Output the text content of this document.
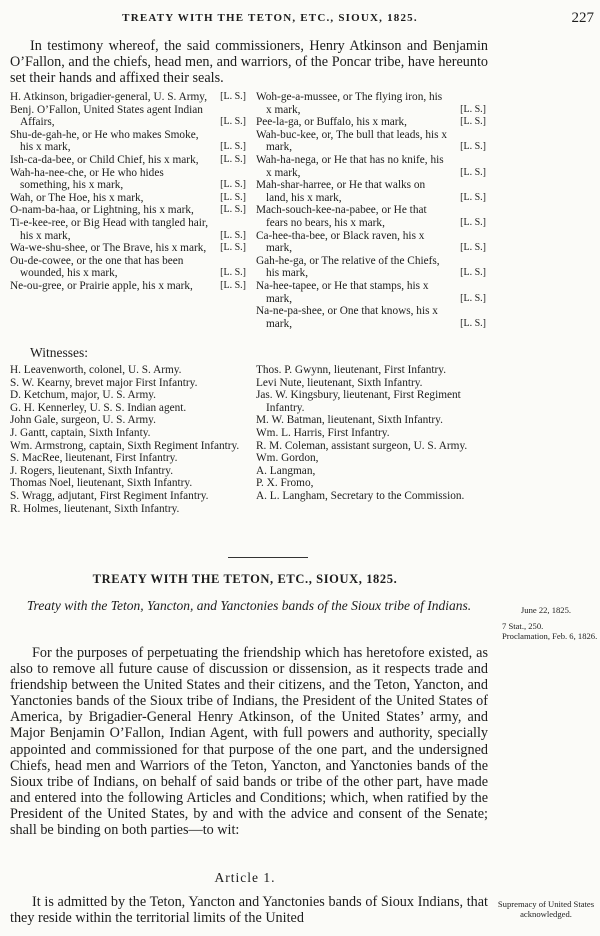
TREATY WITH THE TETON, ETC., SIOUX, 1825.	227

In testimony whereof, the said commissioners, Henry Atkinson and Benjamin O’Fallon, and the chiefs, head men, and warriors, of the Poncar tribe, have hereunto set their hands and affixed their seals.

H. Atkinson, brigadier-general, U. S. Army, [L. S.]
Benj. O’Fallon, United States agent Indian Affairs,	[L. S.]
Shu-de-gah-he, or He who makes Smoke, his x mark,	[L. S.]
Ish-ca-da-bee, or Child Chief, his x mark, [L. S.]
Wah-ha-nee-che, or He who hides something, his x mark,	[L. S.]
Wah, or The Hoe, his x mark,	[L. S.]
O-nam-ba-haa, or Lightning, his x mark,	[L. S.]
Ti-e-kee-ree, or Big Head with tangled hair, his x mark,	[L. S.]
Wa-we-shu-shee, or The Brave, his x mark, [L. S.]
Ou-de-cowee, or the one that has been wounded, his x mark,	[L. S.]
Ne-ou-gree, or Prairie apple, his x mark,	[L. S.]
Woh-ge-a-mussee, or The flying iron, his x mark,	[L. S.]
Pee-la-ga, or Buffalo, his x mark,	[L. S.]
Wah-buc-kee, or, The bull that leads, his x mark,	[L. S.]
Wah-ha-nega, or He that has no knife, his x mark,	[L. S.]
Mah-shar-harree, or He that walks on land, his x mark,	[L. S.]
Mach-souch-kee-na-pabee, or He that fears no bears, his x mark,	[L. S.]
Ca-hee-tha-bee, or Black raven, his x mark,	[L. S.]
Gah-he-ga, or The relative of the Chiefs, his mark,	[L. S.]
Na-hee-tapee, or He that stamps, his x mark,	[L. S.]
Na-ne-pa-shee, or One that knows, his x mark,	[L. S.]
Witnesses:
H. Leavenworth, colonel, U. S. Army.
S. W. Kearny, brevet major First Infantry.
D. Ketchum, major, U. S. Army.
G. H. Kennerley, U. S. S. Indian agent.
John Gale, surgeon, U. S. Army.
J. Gantt, captain, Sixth Infanty.
Wm. Armstrong, captain, Sixth Regiment Infantry.
S. MacRee, lieutenant, First Infantry.
J. Rogers, lieutenant, Sixth Infantry.
Thomas Noel, lieutenant, Sixth Infantry.
S. Wragg, adjutant, First Regiment Infantry.
R. Holmes, lieutenant, Sixth Infantry.
Thos. P. Gwynn, lieutenant, First Infantry.
Levi Nute, lieutenant, Sixth Infantry.
Jas. W. Kingsbury, lieutenant, First Regiment Infantry.
M. W. Batman, lieutenant, Sixth Infantry.
Wm. L. Harris, First Infantry.
R. M. Coleman, assistant surgeon, U. S. Army.
Wm. Gordon,
A. Langman,
P. X. Fromo,
A. L. Langham, Secretary to the Commission.
TREATY WITH THE TETON, ETC., SIOUX, 1825.
Treaty with the Teton, Yancton, and Yanctonies bands of the Sioux tribe of Indians.	June 22, 1825.
7 Stat., 250.
Proclamation, Feb. 6, 1826.

For the purposes of perpetuating the friendship which has heretofore existed, as also to remove all future cause of discussion or dissension, as it respects trade and friendship between the United States and their citizens, and the Teton, Yancton, and Yanctonies bands of the Sioux tribe of Indians, the President of the United States of America, by Brigadier-General Henry Atkinson, of the United States’ army, and Major Benjamin O’Fallon, Indian Agent, with full powers and authority, specially appointed and commissioned for that purpose of the one part, and the undersigned Chiefs, head men and Warriors of the Teton, Yancton, and Yanctonies bands of the Sioux tribe of Indians, on behalf of said bands or tribe of the other part, have made and entered into the following Articles and Conditions; which, when ratified by the President of the United States, by and with the advice and consent of the Senate; shall be binding on both parties—to wit:

Article 1.

It is admitted by the Teton, Yancton and Yanctonies bands of Sioux Indians, that they reside within the territorial limits of the United

Supremacy of United States acknowledged.
